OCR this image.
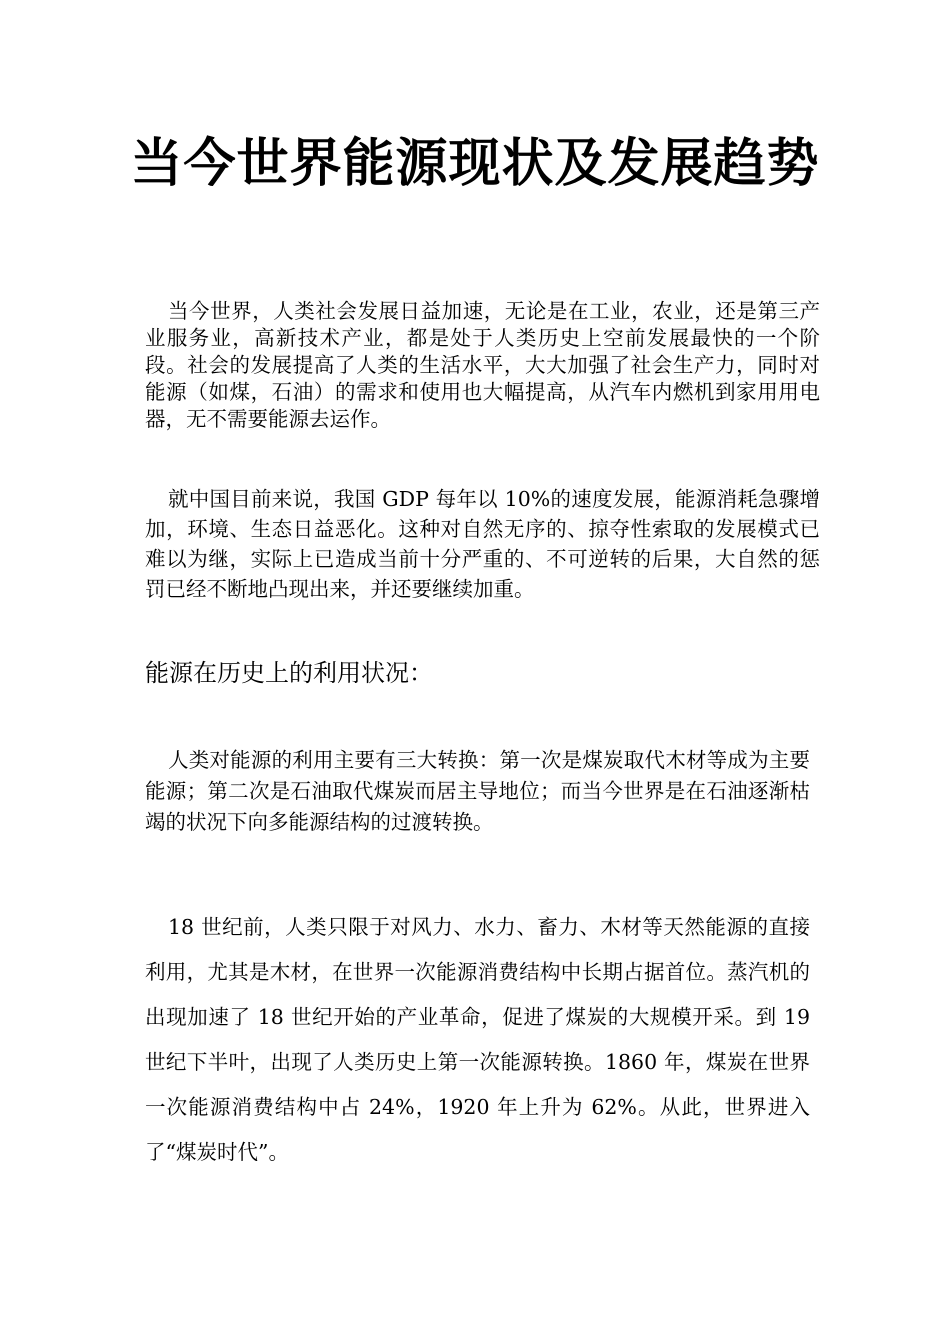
当今世界能源现状及发展趋势

当今世界，人类社会发展日益加速，无论是在工业，农业，还是第三产业服务业，高新技术产业，都是处于人类历史上空前发展最快的一个阶段。社会的发展提高了人类的生活水平，大大加强了社会生产力，同时对能源（如煤，石油）的需求和使用也大幅提高，从汽车内燃机到家用用电器，无不需要能源去运作。

就中国目前来说，我国 GDP 每年以 10%的速度发展，能源消耗急骤增加，环境、生态日益恶化。这种对自然无序的、掠夺性索取的发展模式已难以为继，实际上已造成当前十分严重的、不可逆转的后果，大自然的惩罚已经不断地凸现出来，并还要继续加重。

能源在历史上的利用状况：

人类对能源的利用主要有三大转换：第一次是煤炭取代木材等成为主要能源；第二次是石油取代煤炭而居主导地位；而当今世界是在石油逐渐枯竭的状况下向多能源结构的过渡转换。

18 世纪前，人类只限于对风力、水力、畜力、木材等天然能源的直接利用，尤其是木材，在世界一次能源消费结构中长期占据首位。蒸汽机的出现加速了 18 世纪开始的产业革命，促进了煤炭的大规模开采。到 19 世纪下半叶，出现了人类历史上第一次能源转换。1860 年，煤炭在世界一次能源消费结构中占 24%，1920 年上升为 62%。从此，世界进入了“煤炭时代”。
